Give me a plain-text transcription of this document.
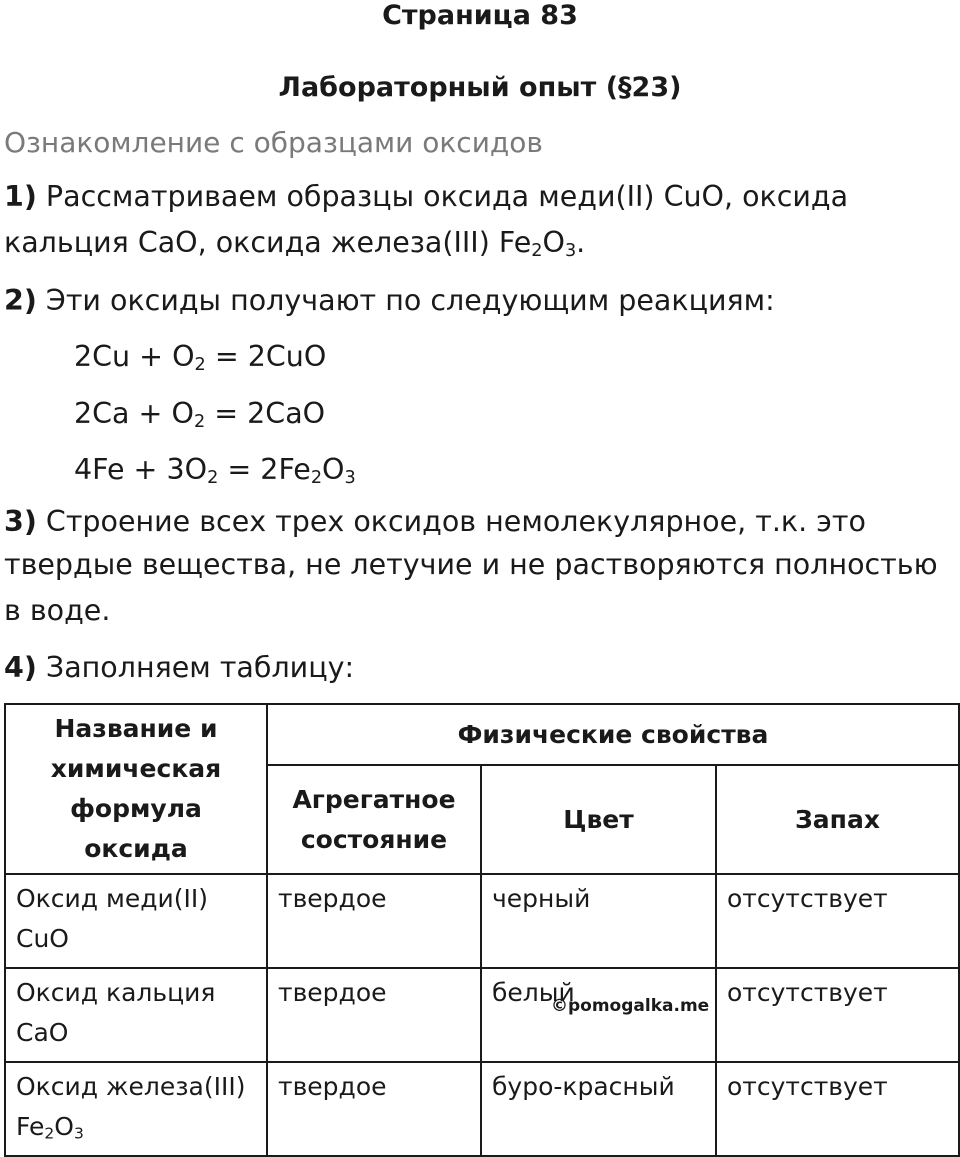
Страница 83
Лабораторный опыт (§23)
Ознакомление с образцами оксидов
1) Рассматриваем образцы оксида меди(II) CuO, оксида
кальция CaO, оксида железа(III) $Fe_2O_3$.
2) Эти оксиды получают по следующим реакциям:
$2Cu + O_2 = 2CuO$
$2Ca + O_2 = 2CaO$
$4Fe + 3O_2 = 2Fe_2O_3$
3) Строение всех трех оксидов немолекулярное, т.к. это
твердые вещества, не летучие и не растворяются полностью
в воде.
4) Заполняем таблицу:
Название и
химическая
формула оксида	Физические свойства		
	Агрегатное
состояние	Цвет	Запах
Оксид меди(II)
CuO	твердое	черный	отсутствует
Оксид кальция
CaO	твердое	белый	отсутствует
Оксид железа(III)
$Fe_2O_3$	твердое	буро-красный	отсутствует
©pomogalka.me
